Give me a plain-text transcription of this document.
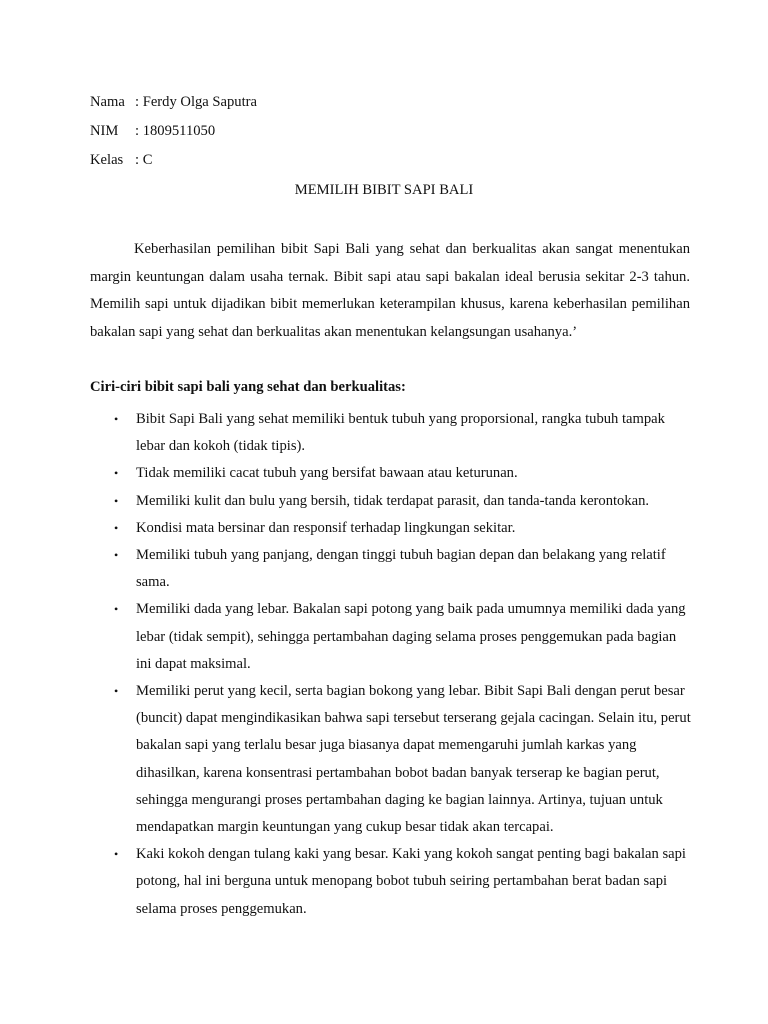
Nama : Ferdy Olga Saputra
NIM : 1809511050
Kelas : C
MEMILIH BIBIT SAPI BALI

Keberhasilan pemilihan bibit Sapi Bali yang sehat dan berkualitas akan sangat menentukan margin keuntungan dalam usaha ternak. Bibit sapi atau sapi bakalan ideal berusia sekitar 2-3 tahun. Memilih sapi untuk dijadikan bibit memerlukan keterampilan khusus, karena keberhasilan pemilihan bakalan sapi yang sehat dan berkualitas akan menentukan kelangsungan usahanya.’

Ciri-ciri bibit sapi bali yang sehat dan berkualitas:
• Bibit Sapi Bali yang sehat memiliki bentuk tubuh yang proporsional, rangka tubuh tampak lebar dan kokoh (tidak tipis).
• Tidak memiliki cacat tubuh yang bersifat bawaan atau keturunan.
• Memiliki kulit dan bulu yang bersih, tidak terdapat parasit, dan tanda-tanda kerontokan.
• Kondisi mata bersinar dan responsif terhadap lingkungan sekitar.
• Memiliki tubuh yang panjang, dengan tinggi tubuh bagian depan dan belakang yang relatif sama.
• Memiliki dada yang lebar. Bakalan sapi potong yang baik pada umumnya memiliki dada yang lebar (tidak sempit), sehingga pertambahan daging selama proses penggemukan pada bagian ini dapat maksimal.
• Memiliki perut yang kecil, serta bagian bokong yang lebar. Bibit Sapi Bali dengan perut besar (buncit) dapat mengindikasikan bahwa sapi tersebut terserang gejala cacingan. Selain itu, perut bakalan sapi yang terlalu besar juga biasanya dapat memengaruhi jumlah karkas yang dihasilkan, karena konsentrasi pertambahan bobot badan banyak terserap ke bagian perut, sehingga mengurangi proses pertambahan daging ke bagian lainnya. Artinya, tujuan untuk mendapatkan margin keuntungan yang cukup besar tidak akan tercapai.
• Kaki kokoh dengan tulang kaki yang besar. Kaki yang kokoh sangat penting bagi bakalan sapi potong, hal ini berguna untuk menopang bobot tubuh seiring pertambahan berat badan sapi selama proses penggemukan.
